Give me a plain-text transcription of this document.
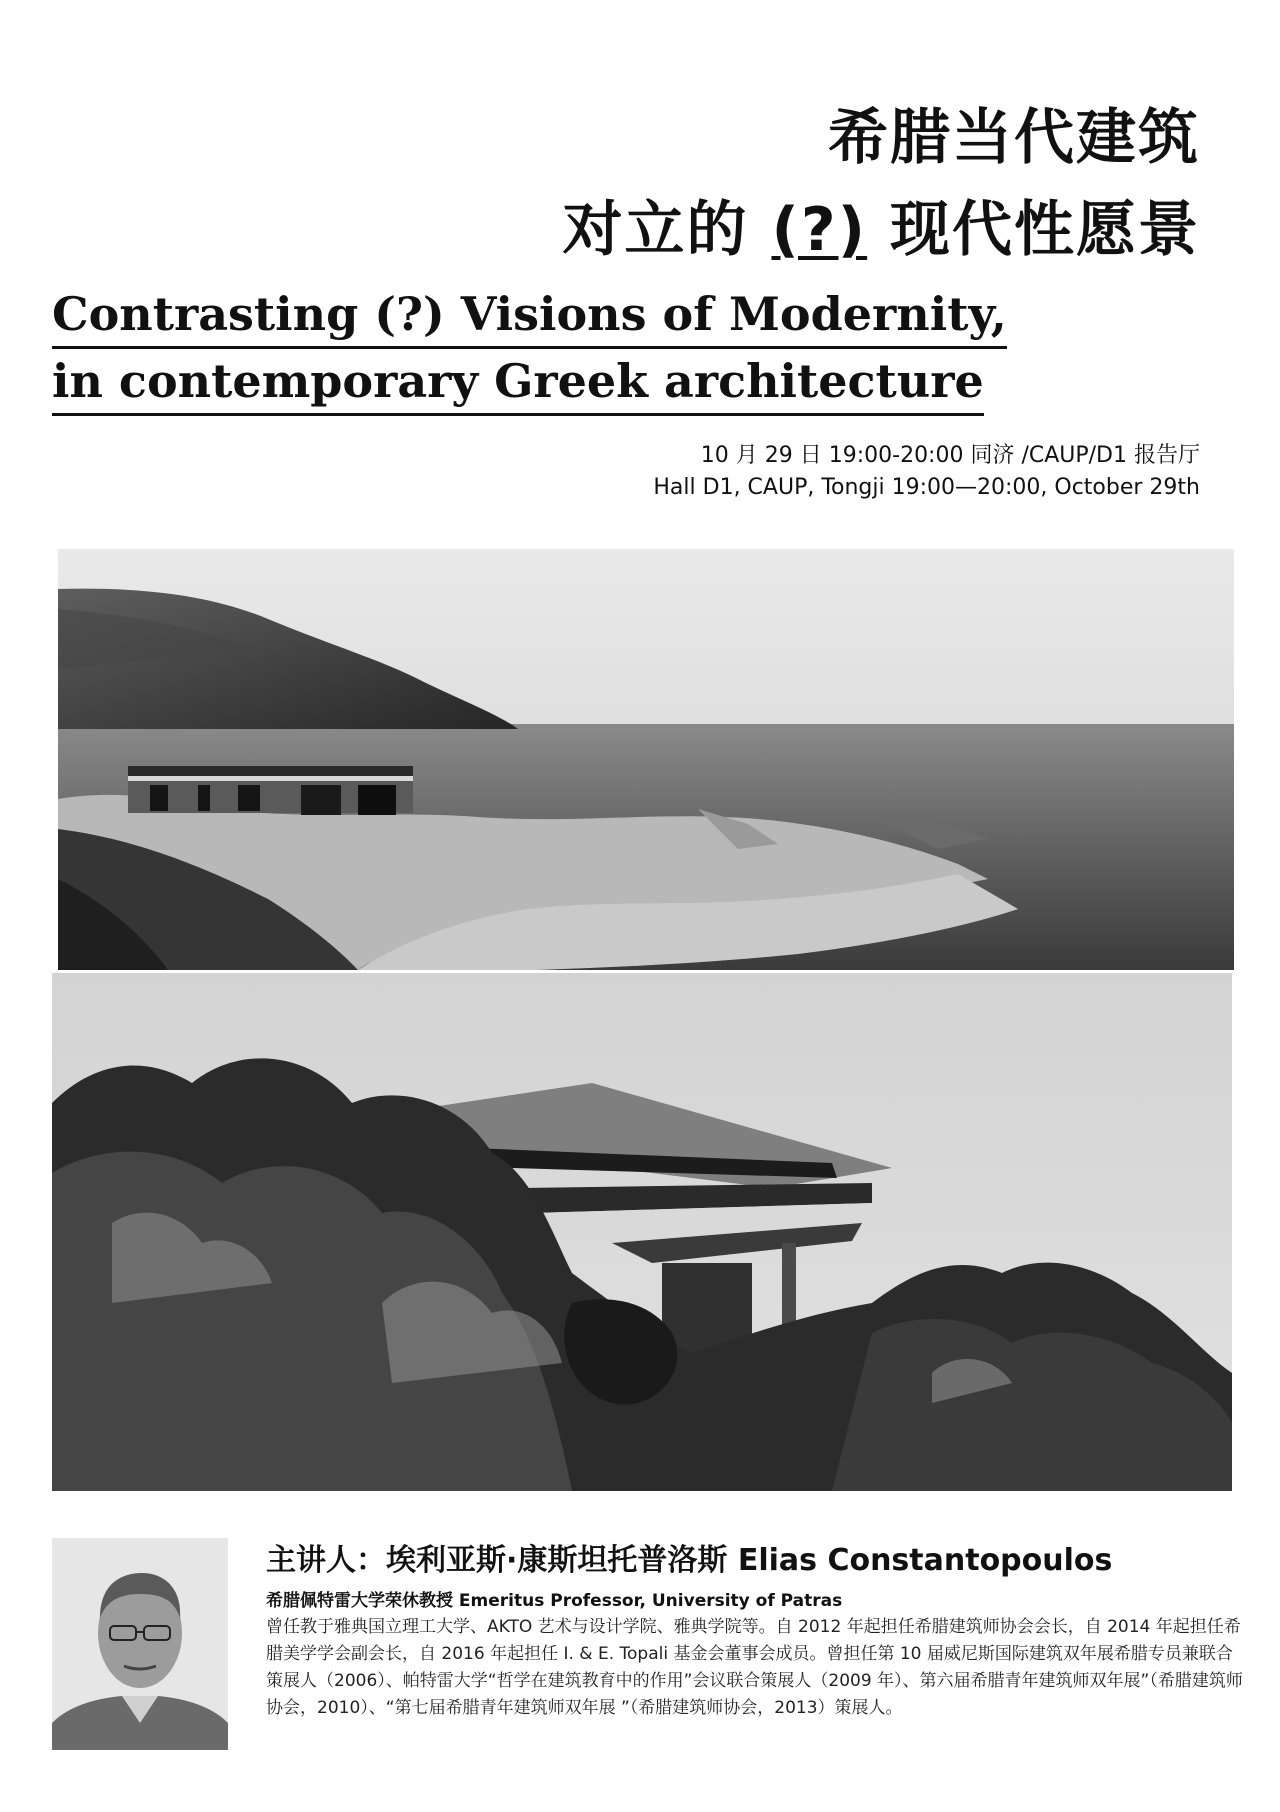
希腊当代建筑
对立的 (?) 现代性愿景
Contrasting (?) Visions of Modernity,
in contemporary Greek architecture
10 月 29 日 19:00-20:00 同济 /CAUP/D1 报告厅
Hall D1, CAUP, Tongji 19:00—20:00, October 29th

主讲人：埃利亚斯·康斯坦托普洛斯 Elias Constantopoulos

希腊佩特雷大学荣休教授 Emeritus Professor, University of Patras

曾任教于雅典国立理工大学、AKTO 艺术与设计学院、雅典学院等。自 2012 年起担任希腊建筑师协会会长，自 2014 年起担任希腊美学学会副会长，自 2016 年起担任 I. & E. Topali 基金会董事会成员。曾担任第 10 届威尼斯国际建筑双年展希腊专员兼联合策展人（2006）、帕特雷大学“哲学在建筑教育中的作用”会议联合策展人（2009 年）、第六届希腊青年建筑师双年展”（希腊建筑师协会，2010）、“第七届希腊青年建筑师双年展 ”（希腊建筑师协会，2013）策展人。
